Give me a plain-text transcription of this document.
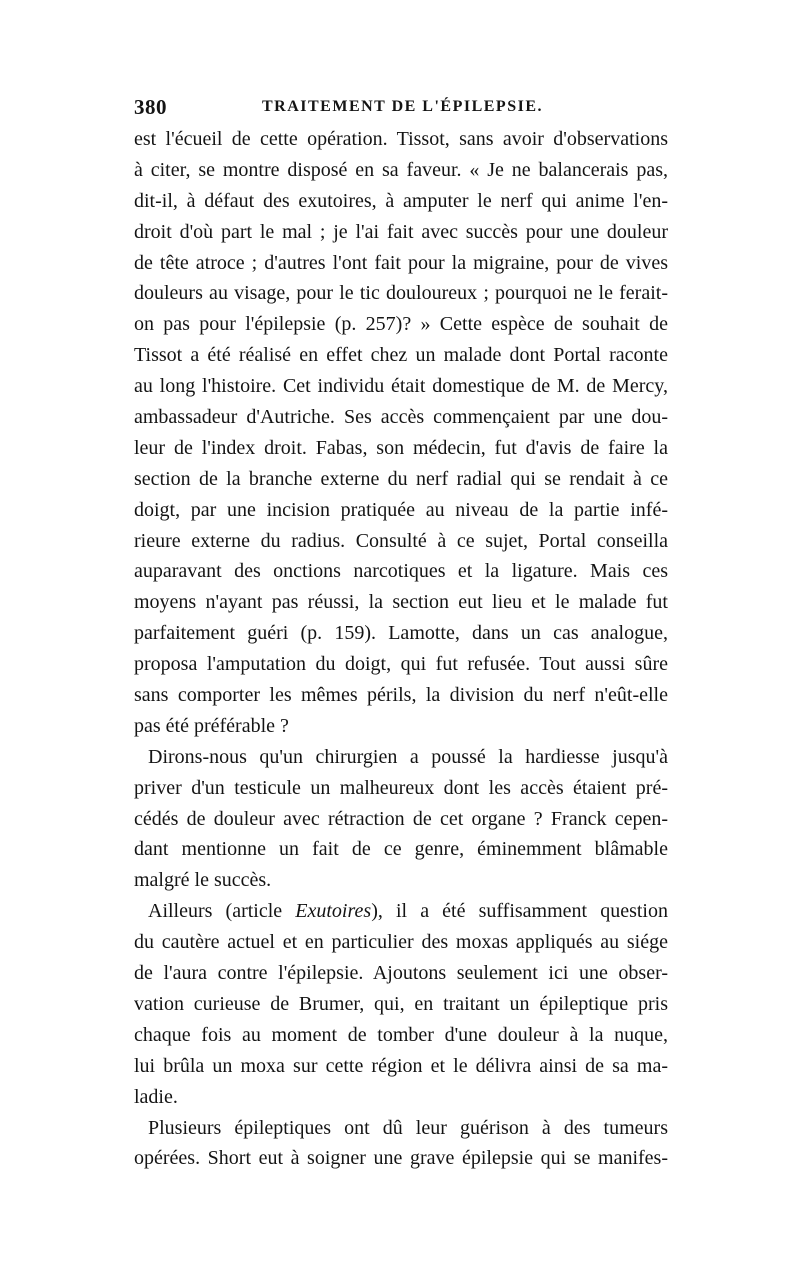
380	TRAITEMENT DE L'ÉPILEPSIE.
est l'écueil de cette opération. Tissot, sans avoir d'observations
à citer, se montre disposé en sa faveur. « Je ne balancerais pas,
dit-il, à défaut des exutoires, à amputer le nerf qui anime l'en-
droit d'où part le mal ; je l'ai fait avec succès pour une douleur
de tête atroce ; d'autres l'ont fait pour la migraine, pour de vives
douleurs au visage, pour le tic douloureux ; pourquoi ne le ferait-
on pas pour l'épilepsie (p. 257)? » Cette espèce de souhait de
Tissot a été réalisé en effet chez un malade dont Portal raconte
au long l'histoire. Cet individu était domestique de M. de Mercy,
ambassadeur d'Autriche. Ses accès commençaient par une dou-
leur de l'index droit. Fabas, son médecin, fut d'avis de faire la
section de la branche externe du nerf radial qui se rendait à ce
doigt, par une incision pratiquée au niveau de la partie infé-
rieure externe du radius. Consulté à ce sujet, Portal conseilla
auparavant des onctions narcotiques et la ligature. Mais ces
moyens n'ayant pas réussi, la section eut lieu et le malade fut
parfaitement guéri (p. 159). Lamotte, dans un cas analogue,
proposa l'amputation du doigt, qui fut refusée. Tout aussi sûre
sans comporter les mêmes périls, la division du nerf n'eût-elle
pas été préférable ?
Dirons-nous qu'un chirurgien a poussé la hardiesse jusqu'à
priver d'un testicule un malheureux dont les accès étaient pré-
cédés de douleur avec rétraction de cet organe ? Franck cepen-
dant mentionne un fait de ce genre, éminemment blâmable
malgré le succès.
Ailleurs (article Exutoires), il a été suffisamment question
du cautère actuel et en particulier des moxas appliqués au siége
de l'aura contre l'épilepsie. Ajoutons seulement ici une obser-
vation curieuse de Brumer, qui, en traitant un épileptique pris
chaque fois au moment de tomber d'une douleur à la nuque,
lui brûla un moxa sur cette région et le délivra ainsi de sa ma-
ladie.
Plusieurs épileptiques ont dû leur guérison à des tumeurs
opérées. Short eut à soigner une grave épilepsie qui se manifes-
